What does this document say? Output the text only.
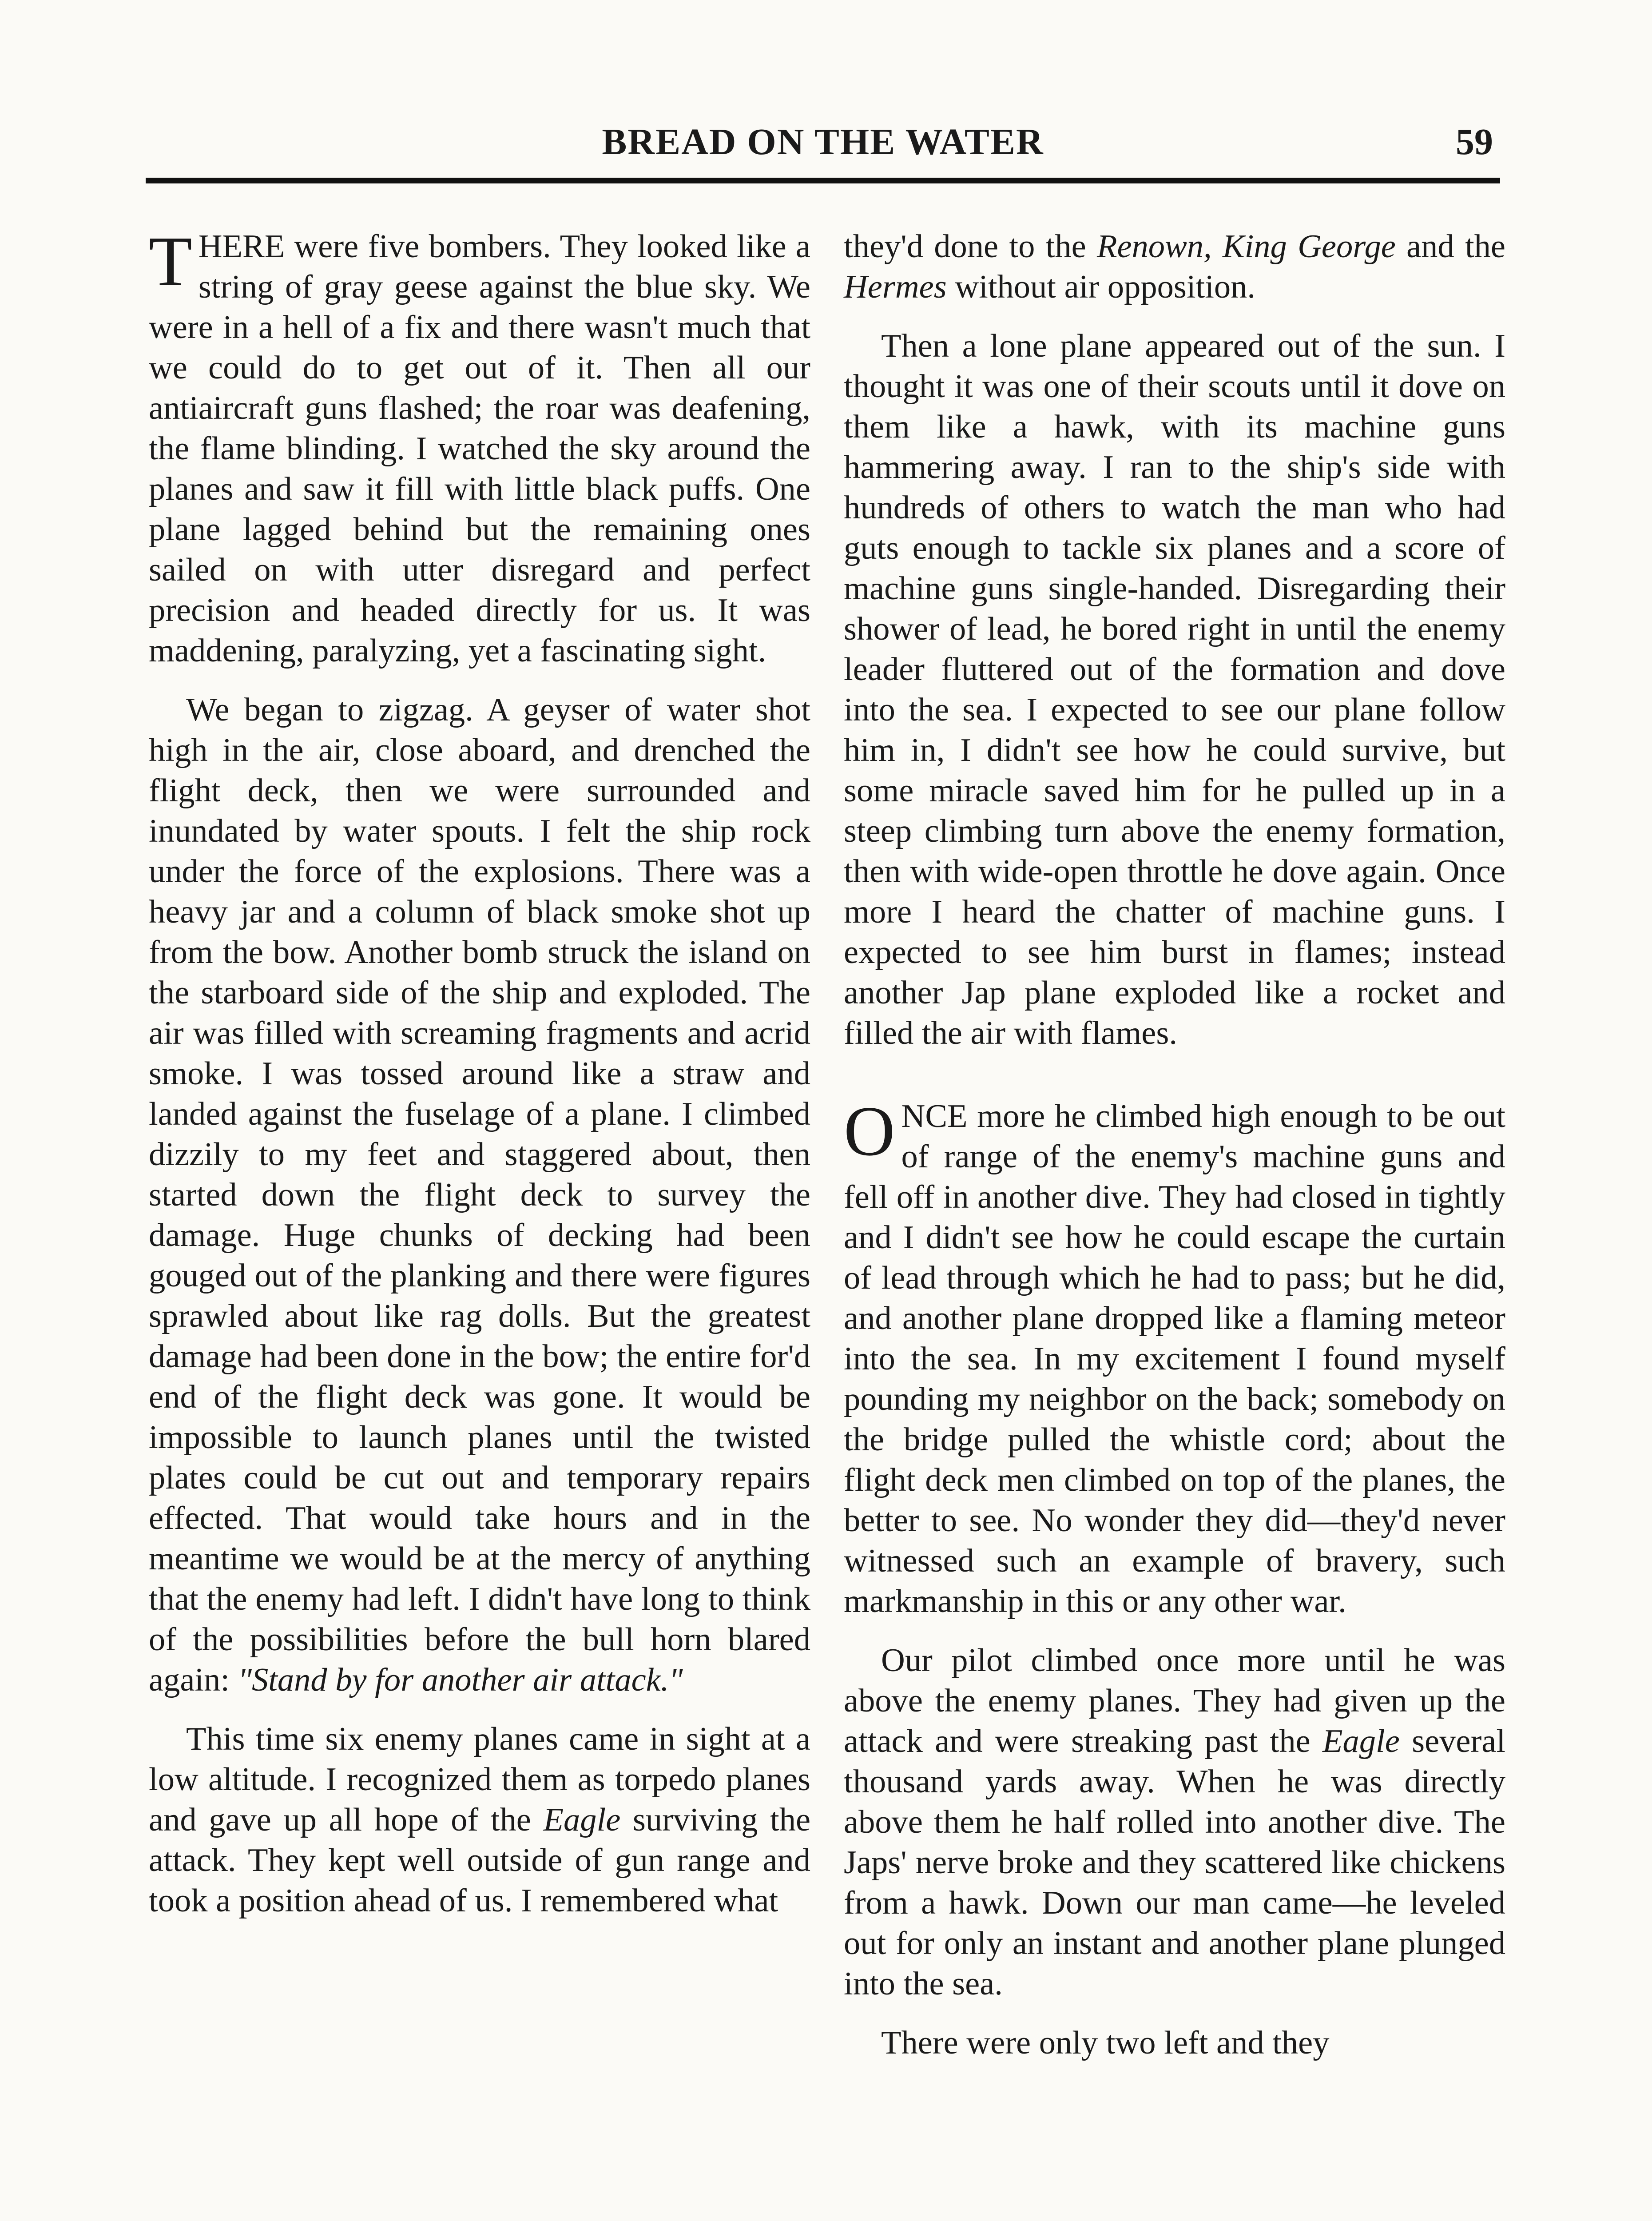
BREAD ON THE WATER	59

THERE were five bombers. They looked like a string of gray geese against the blue sky. We were in a hell of a fix and there wasn't much that we could do to get out of it. Then all our antiaircraft guns flashed; the roar was deafening, the flame blinding. I watched the sky around the planes and saw it fill with little black puffs. One plane lagged behind but the remaining ones sailed on with utter disregard and perfect precision and headed directly for us. It was maddening, paralyzing, yet a fascinating sight.

We began to zigzag. A geyser of water shot high in the air, close aboard, and drenched the flight deck, then we were surrounded and inundated by water spouts. I felt the ship rock under the force of the explosions. There was a heavy jar and a column of black smoke shot up from the bow. Another bomb struck the island on the starboard side of the ship and exploded. The air was filled with screaming fragments and acrid smoke. I was tossed around like a straw and landed against the fuselage of a plane. I climbed dizzily to my feet and staggered about, then started down the flight deck to survey the damage. Huge chunks of decking had been gouged out of the planking and there were figures sprawled about like rag dolls. But the greatest damage had been done in the bow; the entire for'd end of the flight deck was gone. It would be impossible to launch planes until the twisted plates could be cut out and temporary repairs effected. That would take hours and in the meantime we would be at the mercy of anything that the enemy had left. I didn't have long to think of the possibilities before the bull horn blared again: "Stand by for another air attack."

This time six enemy planes came in sight at a low altitude. I recognized them as torpedo planes and gave up all hope of the Eagle surviving the attack. They kept well outside of gun range and took a position ahead of us. I remembered what

they'd done to the Renown, King George and the Hermes without air opposition.

Then a lone plane appeared out of the sun. I thought it was one of their scouts until it dove on them like a hawk, with its machine guns hammering away. I ran to the ship's side with hundreds of others to watch the man who had guts enough to tackle six planes and a score of machine guns single-handed. Disregarding their shower of lead, he bored right in until the enemy leader fluttered out of the formation and dove into the sea. I expected to see our plane follow him in, I didn't see how he could survive, but some miracle saved him for he pulled up in a steep climbing turn above the enemy formation, then with wide-open throttle he dove again. Once more I heard the chatter of machine guns. I expected to see him burst in flames; instead another Jap plane exploded like a rocket and filled the air with flames.

ONCE more he climbed high enough to be out of range of the enemy's machine guns and fell off in another dive. They had closed in tightly and I didn't see how he could escape the curtain of lead through which he had to pass; but he did, and another plane dropped like a flaming meteor into the sea. In my excitement I found myself pounding my neighbor on the back; somebody on the bridge pulled the whistle cord; about the flight deck men climbed on top of the planes, the better to see. No wonder they did—they'd never witnessed such an example of bravery, such markmanship in this or any other war.

Our pilot climbed once more until he was above the enemy planes. They had given up the attack and were streaking past the Eagle several thousand yards away. When he was directly above them he half rolled into another dive. The Japs' nerve broke and they scattered like chickens from a hawk. Down our man came—he leveled out for only an instant and another plane plunged into the sea.

There were only two left and they
